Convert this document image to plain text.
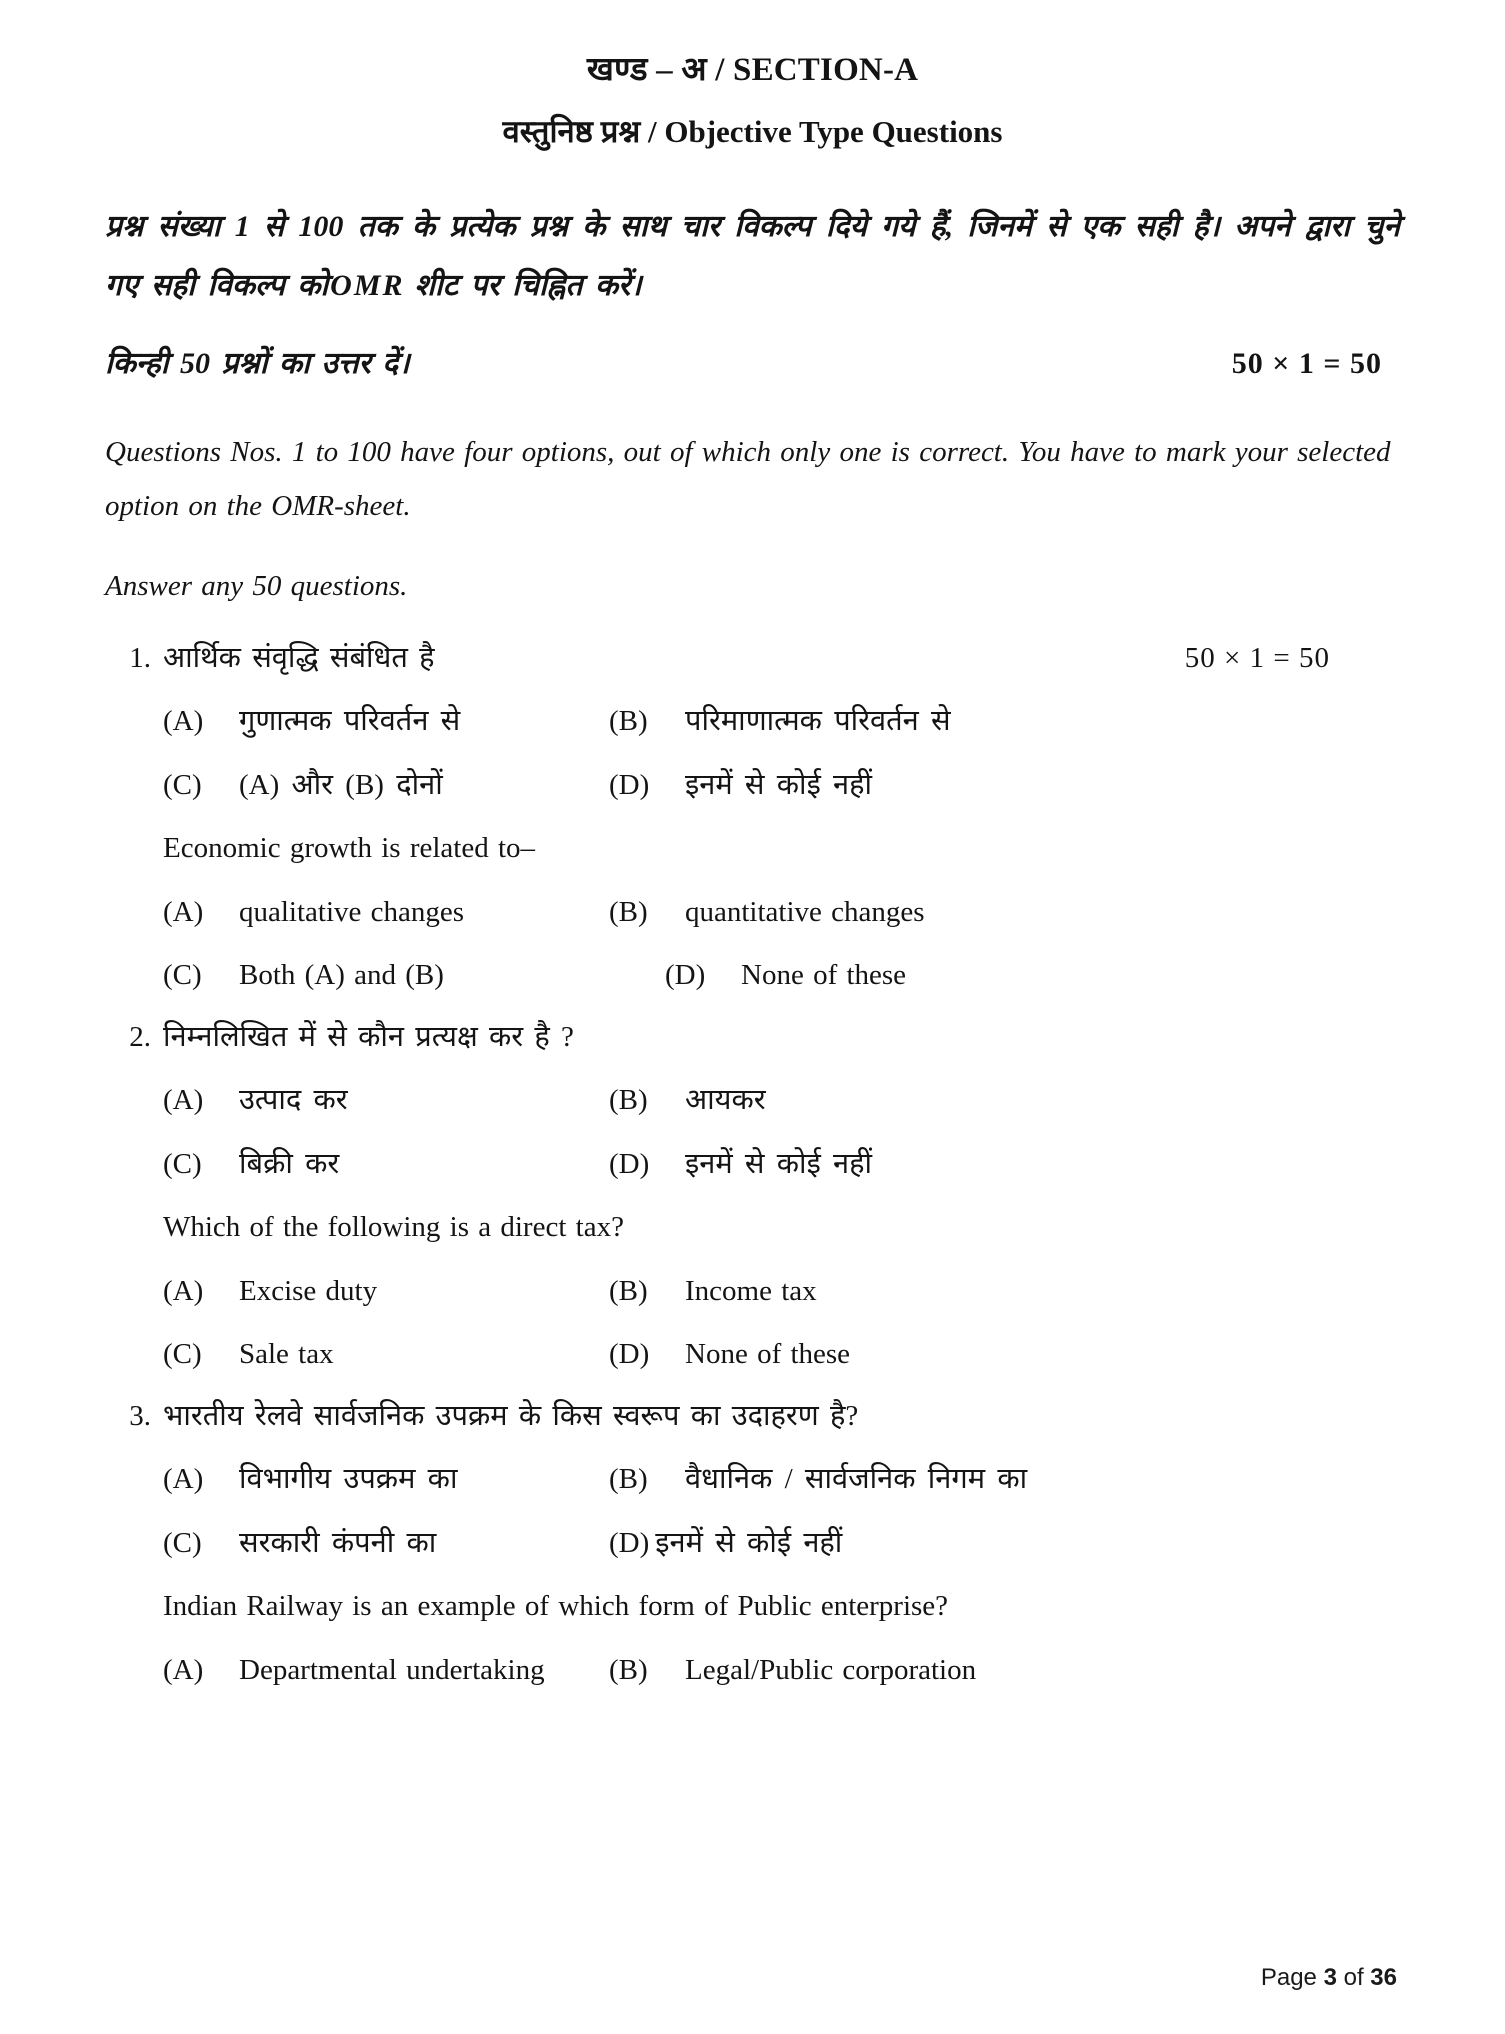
खण्ड – अ / SECTION-A
वस्तुनिष्ठ प्रश्न / Objective Type Questions
प्रश्न संख्या 1 से 100 तक के प्रत्येक प्रश्न के साथ चार विकल्प दिये गये हैं, जिनमें से एक सही है। अपने द्वारा चुने गए सही विकल्प कोOMR शीट पर चिह्नित करें।
किन्ही 50 प्रश्नों का उत्तर दें।	50 × 1 = 50
Questions Nos. 1 to 100 have four options, out of which only one is correct. You have to mark your selected option on the OMR-sheet.
Answer any 50 questions.
1. आर्थिक संवृद्धि संबंधित है	50 × 1 = 50
(A)	गुणात्मक परिवर्तन से	(B)	परिमाणात्मक परिवर्तन से
(C)	(A) और (B) दोनों	(D)	इनमें से कोई नहीं
Economic growth is related to–
(A)	qualitative changes	(B)	quantitative changes
(C)	Both (A) and (B)	(D)	None of these
2. निम्नलिखित में से कौन प्रत्यक्ष कर है ?
(A)	उत्पाद कर	(B)	आयकर
(C)	बिक्री कर	(D)	इनमें से कोई नहीं
Which of the following is a direct tax?
(A)	Excise duty	(B)	Income tax
(C)	Sale tax	(D)	None of these
3. भारतीय रेलवे सार्वजनिक उपक्रम के किस स्वरूप का उदाहरण है?
(A)	विभागीय उपक्रम का	(B)	वैधानिक / सार्वजनिक निगम का
(C)	सरकारी कंपनी का	(D) इनमें से कोई नहीं
Indian Railway is an example of which form of Public enterprise?
(A)	Departmental undertaking (B)	Legal/Public corporation
Page 3 of 36
